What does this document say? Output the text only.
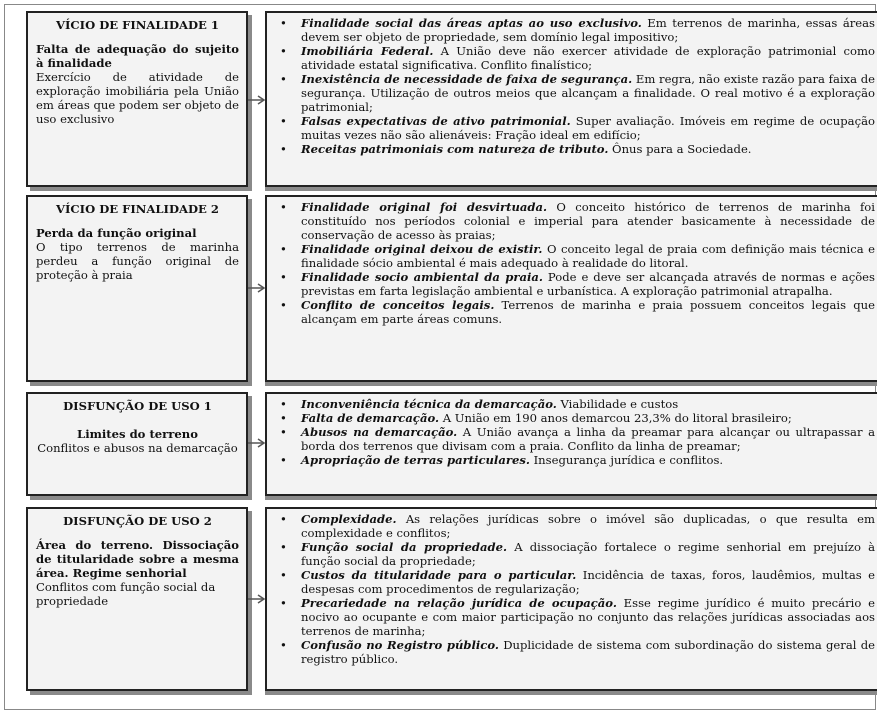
VÍCIO DE FINALIDADE 1
Falta de adequação do sujeito à finalidade
Exercício de atividade de exploração imobiliária pela União em áreas que podem ser objeto de uso exclusivo
• Finalidade social das áreas aptas ao uso exclusivo. Em terrenos de marinha, essas áreas devem ser objeto de propriedade, sem domínio legal impositivo;
• Imobiliária Federal. A União deve não exercer atividade de exploração patrimonial como atividade estatal significativa. Conflito finalístico;
• Inexistência de necessidade de faixa de segurança. Em regra, não existe razão para faixa de segurança. Utilização de outros meios que alcançam a finalidade. O real motivo é a exploração patrimonial;
• Falsas expectativas de ativo patrimonial. Super avaliação. Imóveis em regime de ocupação muitas vezes não são alienáveis: Fração ideal em edifício;
• Receitas patrimoniais com natureza de tributo. Ônus para a Sociedade.
VÍCIO DE FINALIDADE 2
Perda da função original
O tipo terrenos de marinha perdeu a função original de proteção à praia
• Finalidade original foi desvirtuada. O conceito histórico de terrenos de marinha foi constituído nos períodos colonial e imperial para atender basicamente à necessidade de conservação de acesso às praias;
• Finalidade original deixou de existir. O conceito legal de praia com definição mais técnica e finalidade sócio ambiental é mais adequado à realidade do litoral.
• Finalidade socio ambiental da praia. Pode e deve ser alcançada através de normas e ações previstas em farta legislação ambiental e urbanística. A exploração patrimonial atrapalha.
• Conflito de conceitos legais. Terrenos de marinha e praia possuem conceitos legais que alcançam em parte áreas comuns.
DISFUNÇÃO DE USO 1
Limites do terreno
Conflitos e abusos na demarcação
• Inconveniência técnica da demarcação. Viabilidade e custos
• Falta de demarcação. A União em 190 anos demarcou 23,3% do litoral brasileiro;
• Abusos na demarcação. A União avança a linha da preamar para alcançar ou ultrapassar a borda dos terrenos que divisam com a praia. Conflito da linha de preamar;
• Apropriação de terras particulares. Insegurança jurídica e conflitos.
DISFUNÇÃO DE USO 2
Área do terreno. Dissociação de titularidade sobre a mesma área. Regime senhorial
Conflitos com função social da propriedade
• Complexidade. As relações jurídicas sobre o imóvel são duplicadas, o que resulta em complexidade e conflitos;
• Função social da propriedade. A dissociação fortalece o regime senhorial em prejuízo à função social da propriedade;
• Custos da titularidade para o particular. Incidência de taxas, foros, laudêmios, multas e despesas com procedimentos de regularização;
• Precariedade na relação jurídica de ocupação. Esse regime jurídico é muito precário e nocivo ao ocupante e com maior participação no conjunto das relações jurídicas associadas aos terrenos de marinha;
• Confusão no Registro público. Duplicidade de sistema com subordinação do sistema geral de registro público.
